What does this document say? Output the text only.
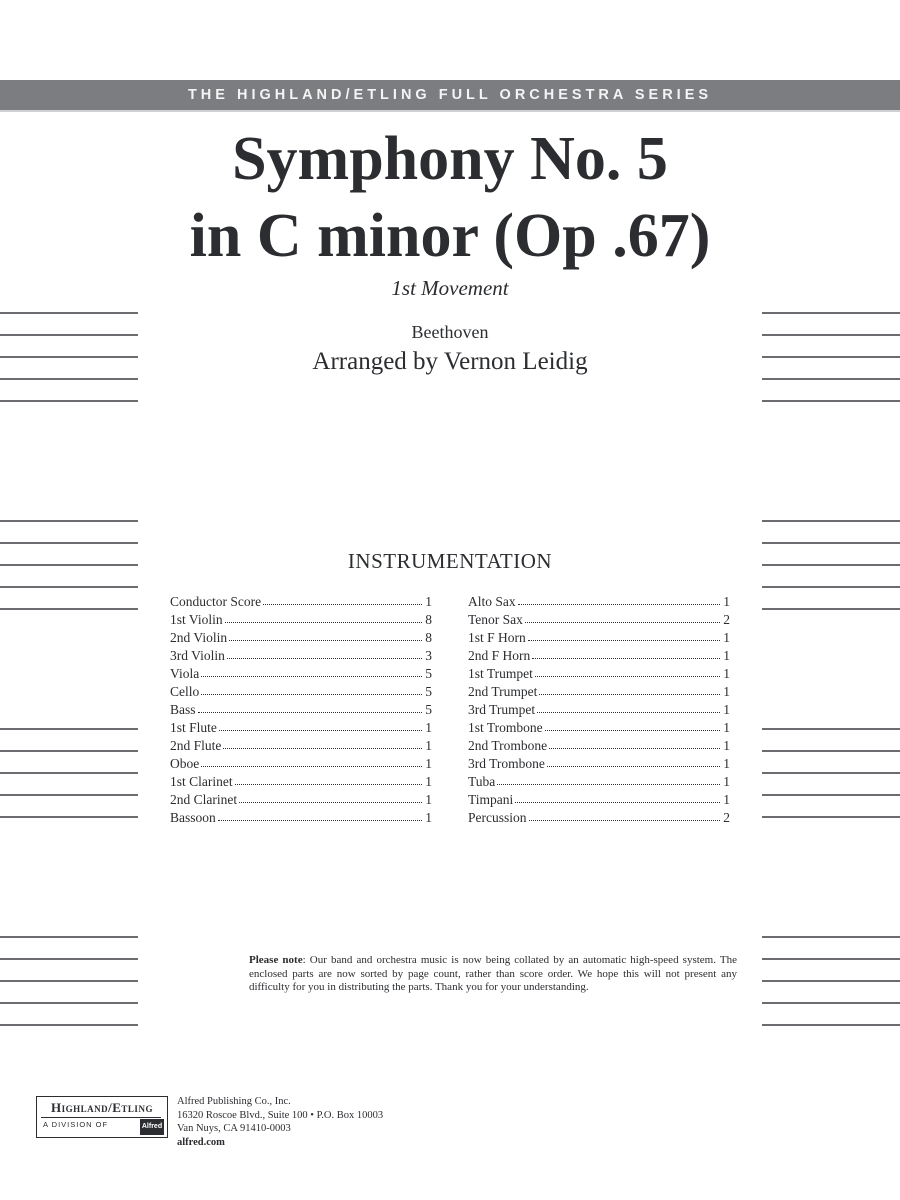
THE HIGHLAND/ETLING FULL ORCHESTRA SERIES
Symphony No. 5
in C minor (Op .67)
1st Movement
Beethoven
Arranged by Vernon Leidig
INSTRUMENTATION
Conductor Score	1
1st Violin	8
2nd Violin	8
3rd Violin	3
Viola	5
Cello	5
Bass	5
1st Flute	1
2nd Flute	1
Oboe	1
1st Clarinet	1
2nd Clarinet	1
Bassoon	1
Alto Sax	1
Tenor Sax	2
1st F Horn	1
2nd F Horn	1
1st Trumpet	1
2nd Trumpet	1
3rd Trumpet	1
1st Trombone	1
2nd Trombone	1
3rd Trombone	1
Tuba	1
Timpani	1
Percussion	2
Please note: Our band and orchestra music is now being collated by an automatic high-speed system. The enclosed parts are now sorted by page count, rather than score order. We hope this will not present any difficulty for you in distributing the parts. Thank you for your understanding.
Highland/Etling
A DIVISION OF	Alfred
Alfred Publishing Co., Inc.
16320 Roscoe Blvd., Suite 100 • P.O. Box 10003
Van Nuys, CA 91410-0003
alfred.com
